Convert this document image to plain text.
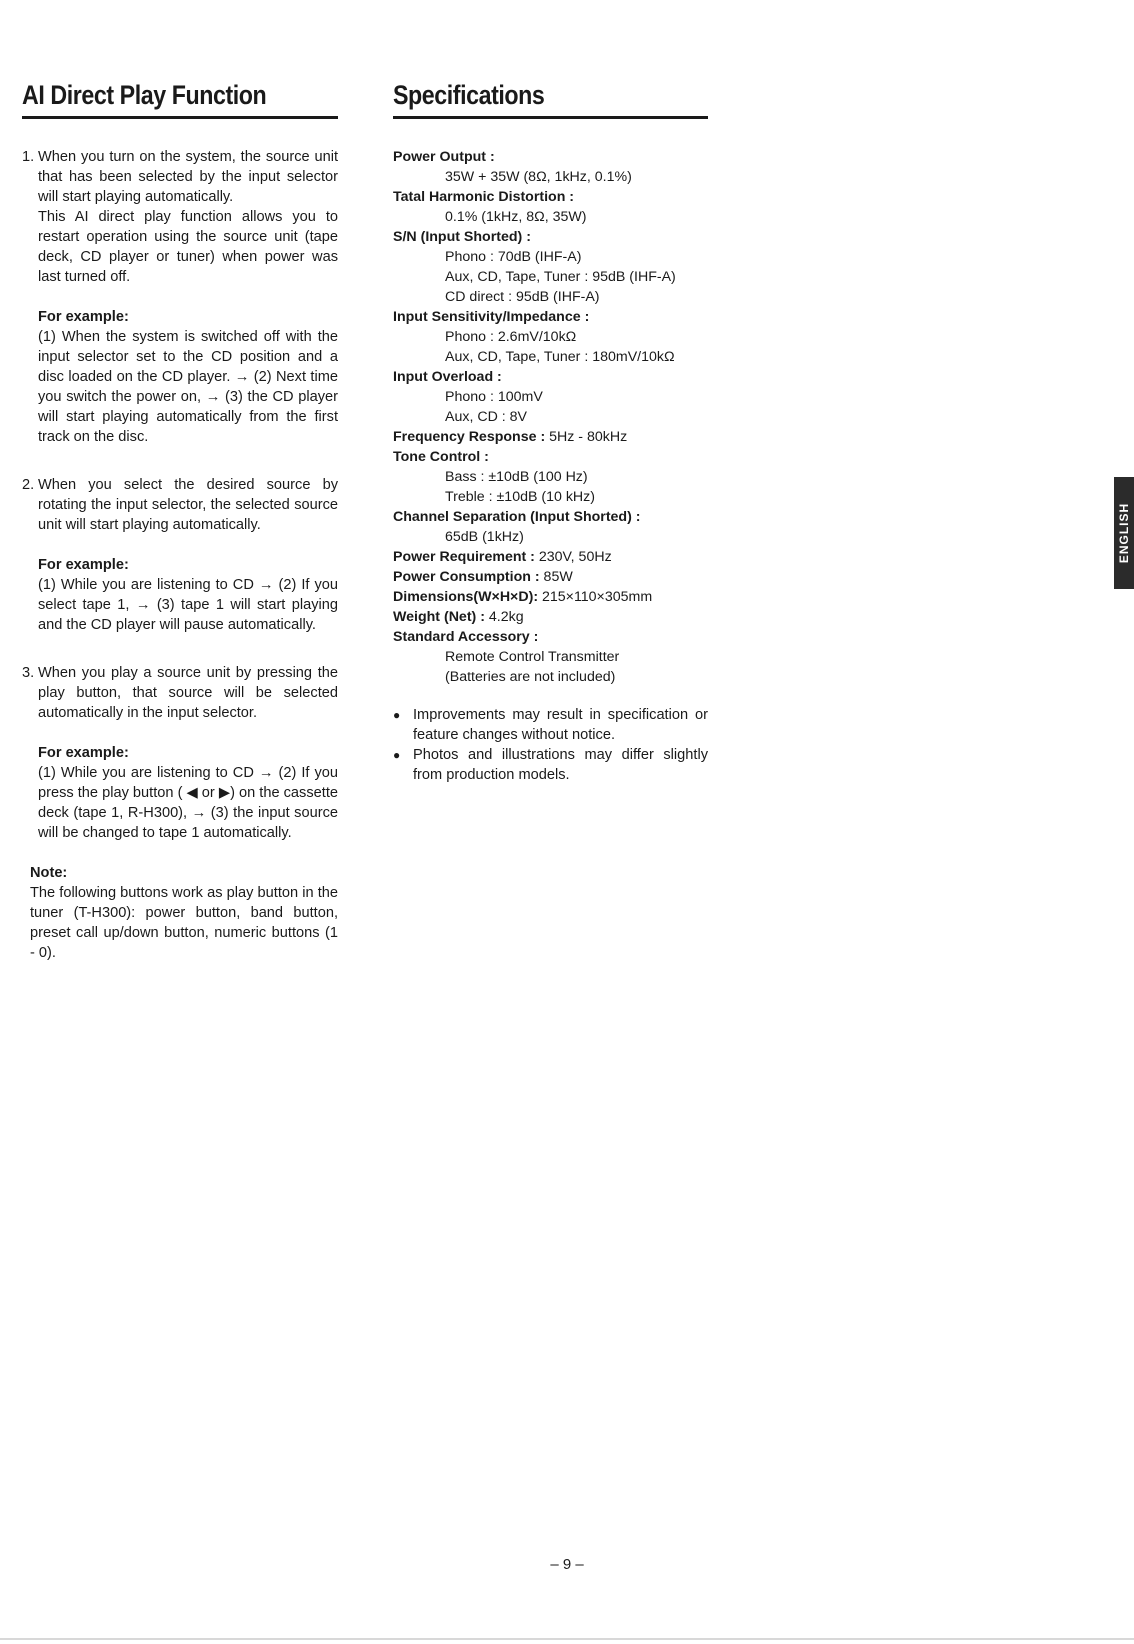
AI Direct Play Function
1. When you turn on the system, the source unit that has been selected by the input selector will start playing automatically.

This AI direct play function allows you to restart operation using the source unit (tape deck, CD player or tuner) when power was last turned off.

For example:

(1) When the system is switched off with the input selector set to the CD position and a disc loaded on the CD player. → (2) Next time you switch the power on, → (3) the CD player will start playing automatically from the first track on the disc.

2. When you select the desired source by rotating the input selector, the selected source unit will start playing automatically.

For example:

(1) While you are listening to CD → (2) If you select tape 1, → (3) tape 1 will start playing and the CD player will pause automatically.

3. When you play a source unit by pressing the play button, that source will be selected automatically in the input selector.

For example:

(1) While you are listening to CD → (2) If you press the play button ( ◀ or ▶) on the cassette deck (tape 1, R-H300), → (3) the input source will be changed to tape 1 automatically.

Note:

The following buttons work as play button in the tuner (T-H300): power button, band button, preset call up/down button, numeric buttons (1 - 0).

Specifications
Power Output :
35W + 35W (8Ω, 1kHz, 0.1%)
Tatal Harmonic Distortion :
0.1% (1kHz, 8Ω, 35W)
S/N (Input Shorted) :
Phono : 70dB (IHF-A)
Aux, CD, Tape, Tuner : 95dB (IHF-A)
CD direct : 95dB (IHF-A)
Input Sensitivity/Impedance :
Phono : 2.6mV/10kΩ
Aux, CD, Tape, Tuner : 180mV/10kΩ
Input Overload :
Phono : 100mV
Aux, CD : 8V
Frequency Response : 5Hz - 80kHz
Tone Control :
Bass : ±10dB (100 Hz)
Treble : ±10dB (10 kHz)
Channel Separation (Input Shorted) :
65dB (1kHz)
Power Requirement : 230V, 50Hz
Power Consumption : 85W
Dimensions(W×H×D): 215×110×305mm
Weight (Net) : 4.2kg
Standard Accessory :
Remote Control Transmitter
(Batteries are not included)
● Improvements may result in specification or feature changes without notice.
● Photos and illustrations may differ slightly from production models.
ENGLISH
– 9 –
